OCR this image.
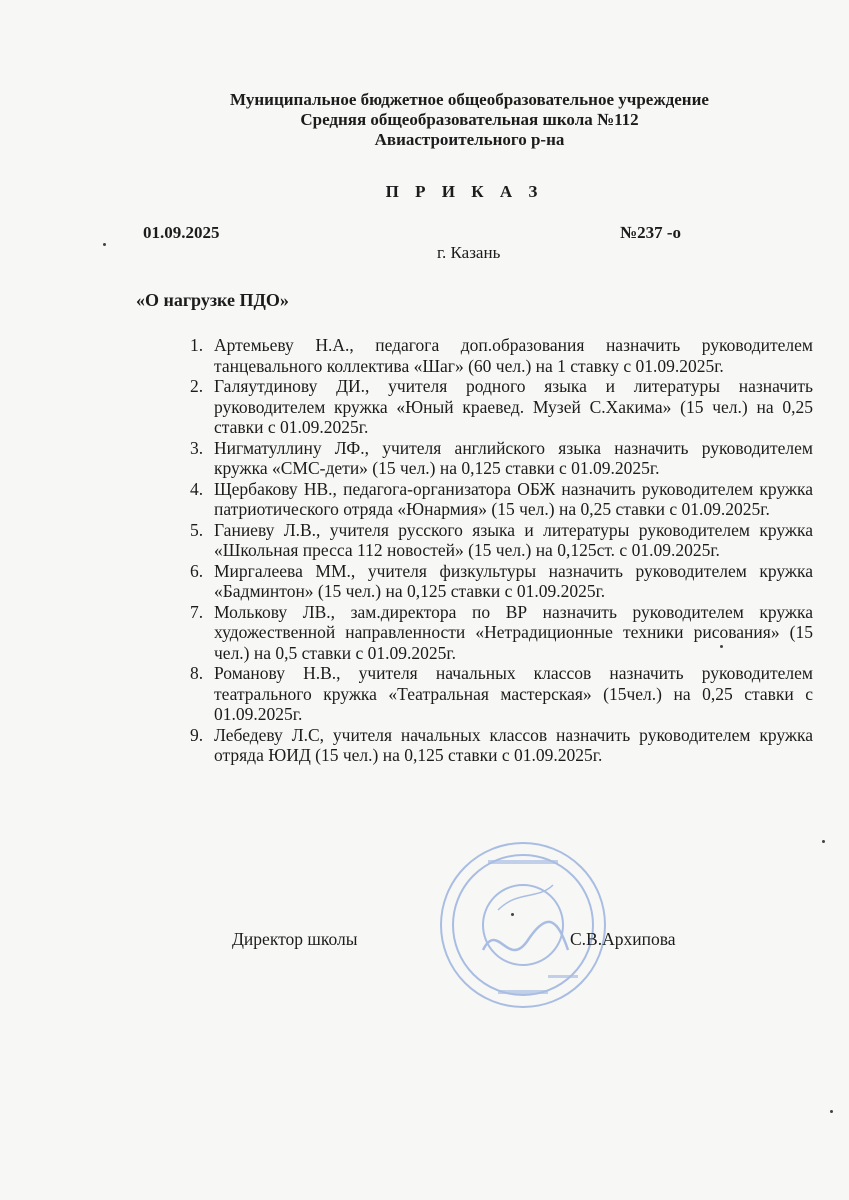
Муниципальное бюджетное общеобразовательное учреждение
Средняя общеобразовательная школа №112
Авиастроительного р-на
П Р И К А З
01.09.2025	№237 -о
г. Казань
«О нагрузке ПДО»
1. Артемьеву Н.А., педагога доп.образования назначить руководителем танцевального коллектива «Шаг» (60 чел.) на 1 ставку с 01.09.2025г.
2. Галяутдинову ДИ., учителя родного языка и литературы назначить руководителем кружка «Юный краевед. Музей С.Хакима» (15 чел.) на 0,25 ставки с 01.09.2025г.
3. Нигматуллину ЛФ., учителя английского языка назначить руководителем кружка «СМС-дети» (15 чел.) на 0,125 ставки с 01.09.2025г.
4. Щербакову НВ., педагога-организатора ОБЖ назначить руководителем кружка патриотического отряда «Юнармия» (15 чел.) на 0,25 ставки с 01.09.2025г.
5. Ганиеву Л.В., учителя русского языка и литературы руководителем кружка «Школьная пресса 112 новостей» (15 чел.) на 0,125ст. с 01.09.2025г.
6. Миргалеева ММ., учителя физкультуры назначить руководителем кружка «Бадминтон» (15 чел.) на 0,125 ставки с 01.09.2025г.
7. Молькову ЛВ., зам.директора по ВР назначить руководителем кружка художественной направленности «Нетрадиционные техники рисования» (15 чел.) на 0,5 ставки с 01.09.2025г.
8. Романову Н.В., учителя начальных классов назначить руководителем театрального кружка «Театральная мастерская» (15чел.) на 0,25 ставки с 01.09.2025г.
9. Лебедеву Л.С, учителя начальных классов назначить руководителем кружка отряда ЮИД (15 чел.) на 0,125 ставки с 01.09.2025г.
Директор школы	С.В.Архипова
